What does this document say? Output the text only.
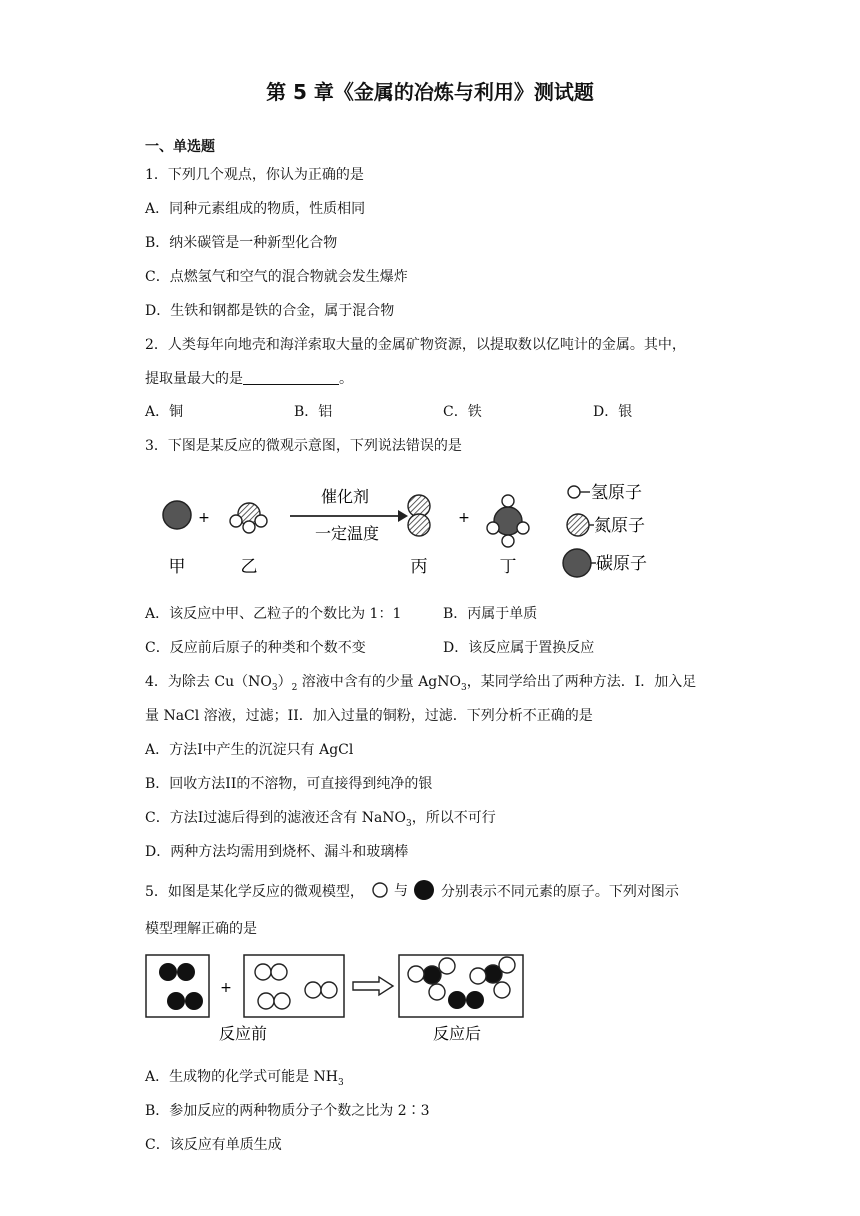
第 5 章《金属的冶炼与利用》测试题
一、单选题
1．下列几个观点，你认为正确的是
A．同种元素组成的物质，性质相同
B．纳米碳管是一种新型化合物
C．点燃氢气和空气的混合物就会发生爆炸
D．生铁和钢都是铁的合金，属于混合物
2．人类每年向地壳和海洋索取大量的金属矿物资源，以提取数以亿吨计的金属。其中，
提取量最大的是	。
A．铜	B．铝	C．铁	D．银
3．下图是某反应的微观示意图，下列说法错误的是
+
催化剂
一定温度
+
氢原子
氮原子
碳原子
甲	乙	丙	丁
A．该反应中甲、乙粒子的个数比为 1：1	B．丙属于单质
C．反应前后原子的种类和个数不变	D．该反应属于置换反应
4．为除去 $Cu(NO_3)_2$ 溶液中含有的少量 AgNO$_3$，某同学给出了两种方法．I．加入足
量 NaCl 溶液，过滤；II．加入过量的铜粉，过滤．下列分析不正确的是
A．方法I中产生的沉淀只有 AgCl
B．回收方法II的不溶物，可直接得到纯净的银
C．方法I过滤后得到的滤液还含有 NaNO$_3$，所以不可行
D．两种方法均需用到烧杯、漏斗和玻璃棒
5．如图是某化学反应的微观模型， 与 分别表示不同元素的原子。下列对图示
模型理解正确的是
+
反应前	反应后
A．生成物的化学式可能是 $NH_3$
B．参加反应的两种物质分子个数之比为 2∶3
C．该反应有单质生成
